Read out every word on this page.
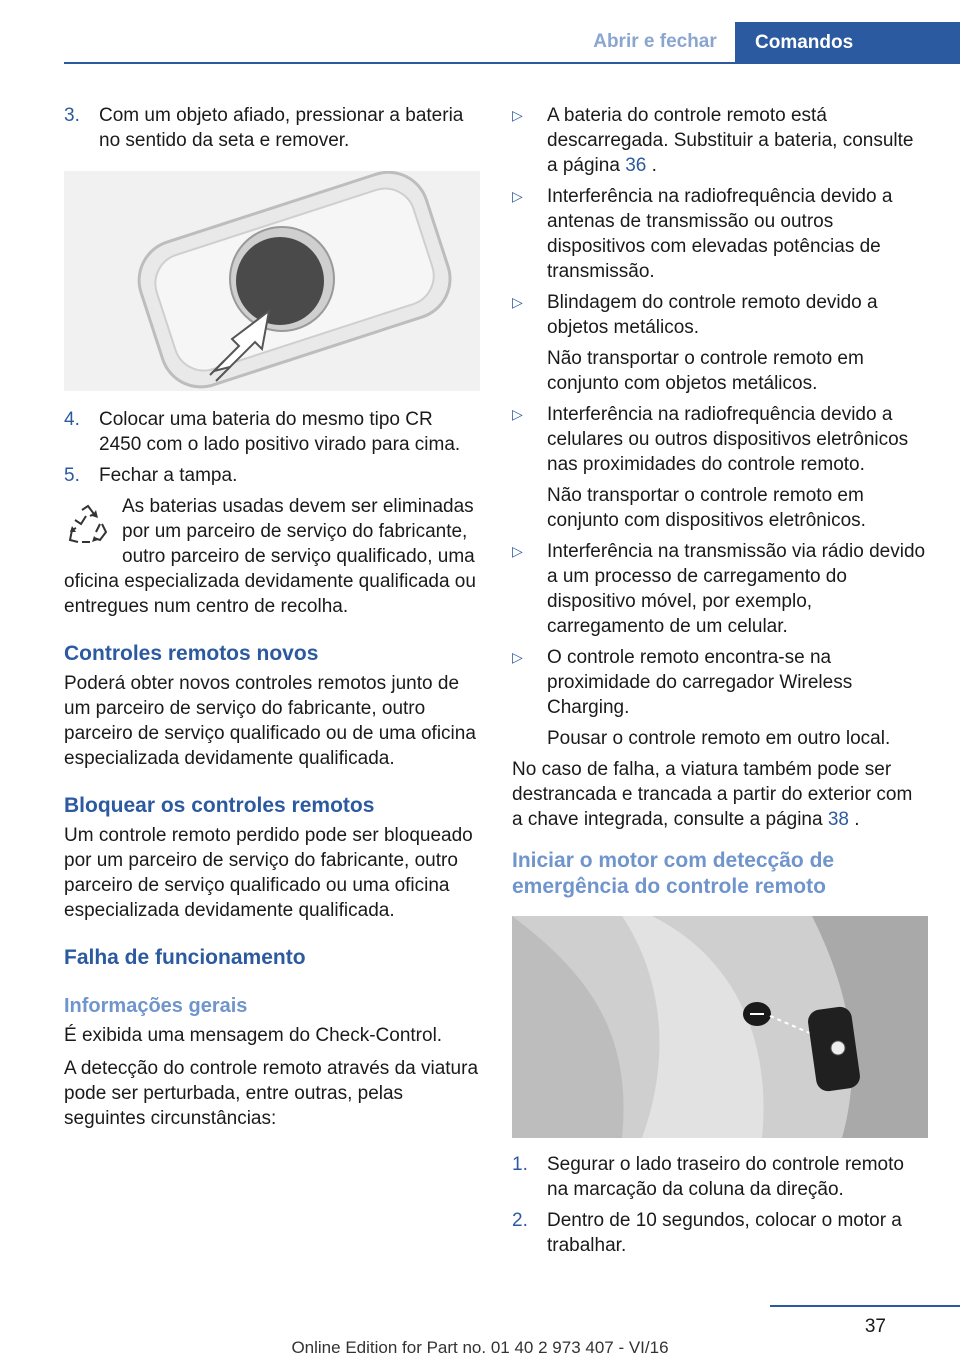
Abrir e fechar	Comandos
3. Com um objeto afiado, pressionar a bateria no sentido da seta e remover.
4. Colocar uma bateria do mesmo tipo CR 2450 com o lado positivo virado para cima.
5. Fechar a tampa.

As baterias usadas devem ser eliminadas por um parceiro de serviço do fabricante, outro parceiro de serviço qualificado, uma oficina especializada devidamente qualificada ou entregues num centro de recolha.

Controles remotos novos

Poderá obter novos controles remotos junto de um parceiro de serviço do fabricante, outro parceiro de serviço qualificado ou de uma oficina especializada devidamente qualificada.

Bloquear os controles remotos

Um controle remoto perdido pode ser bloqueado por um parceiro de serviço do fabricante, outro parceiro de serviço qualificado ou uma oficina especializada devidamente qualificada.

Falha de funcionamento
Informações gerais

É exibida uma mensagem do Check-Control.

A detecção do controle remoto através da viatura pode ser perturbada, entre outras, pelas seguintes circunstâncias:

▷ A bateria do controle remoto está descarregada. Substituir a bateria, consulte a página 36 .
▷ Interferência na radiofrequência devido a antenas de transmissão ou outros dispositivos com elevadas potências de transmissão.
▷ Blindagem do controle remoto devido a objetos metálicos.
Não transportar o controle remoto em conjunto com objetos metálicos.
▷ Interferência na radiofrequência devido a celulares ou outros dispositivos eletrônicos nas proximidades do controle remoto.
Não transportar o controle remoto em conjunto com dispositivos eletrônicos.
▷ Interferência na transmissão via rádio devido a um processo de carregamento do dispositivo móvel, por exemplo, carregamento de um celular.
▷ O controle remoto encontra-se na proximidade do carregador Wireless Charging.
Pousar o controle remoto em outro local.

No caso de falha, a viatura também pode ser destrancada e trancada a partir do exterior com a chave integrada, consulte a página 38 .

Iniciar o motor com detecção de emergência do controle remoto
1. Segurar o lado traseiro do controle remoto na marcação da coluna da direção.
2. Dentro de 10 segundos, colocar o motor a trabalhar.
37
Online Edition for Part no. 01 40 2 973 407 - VI/16
